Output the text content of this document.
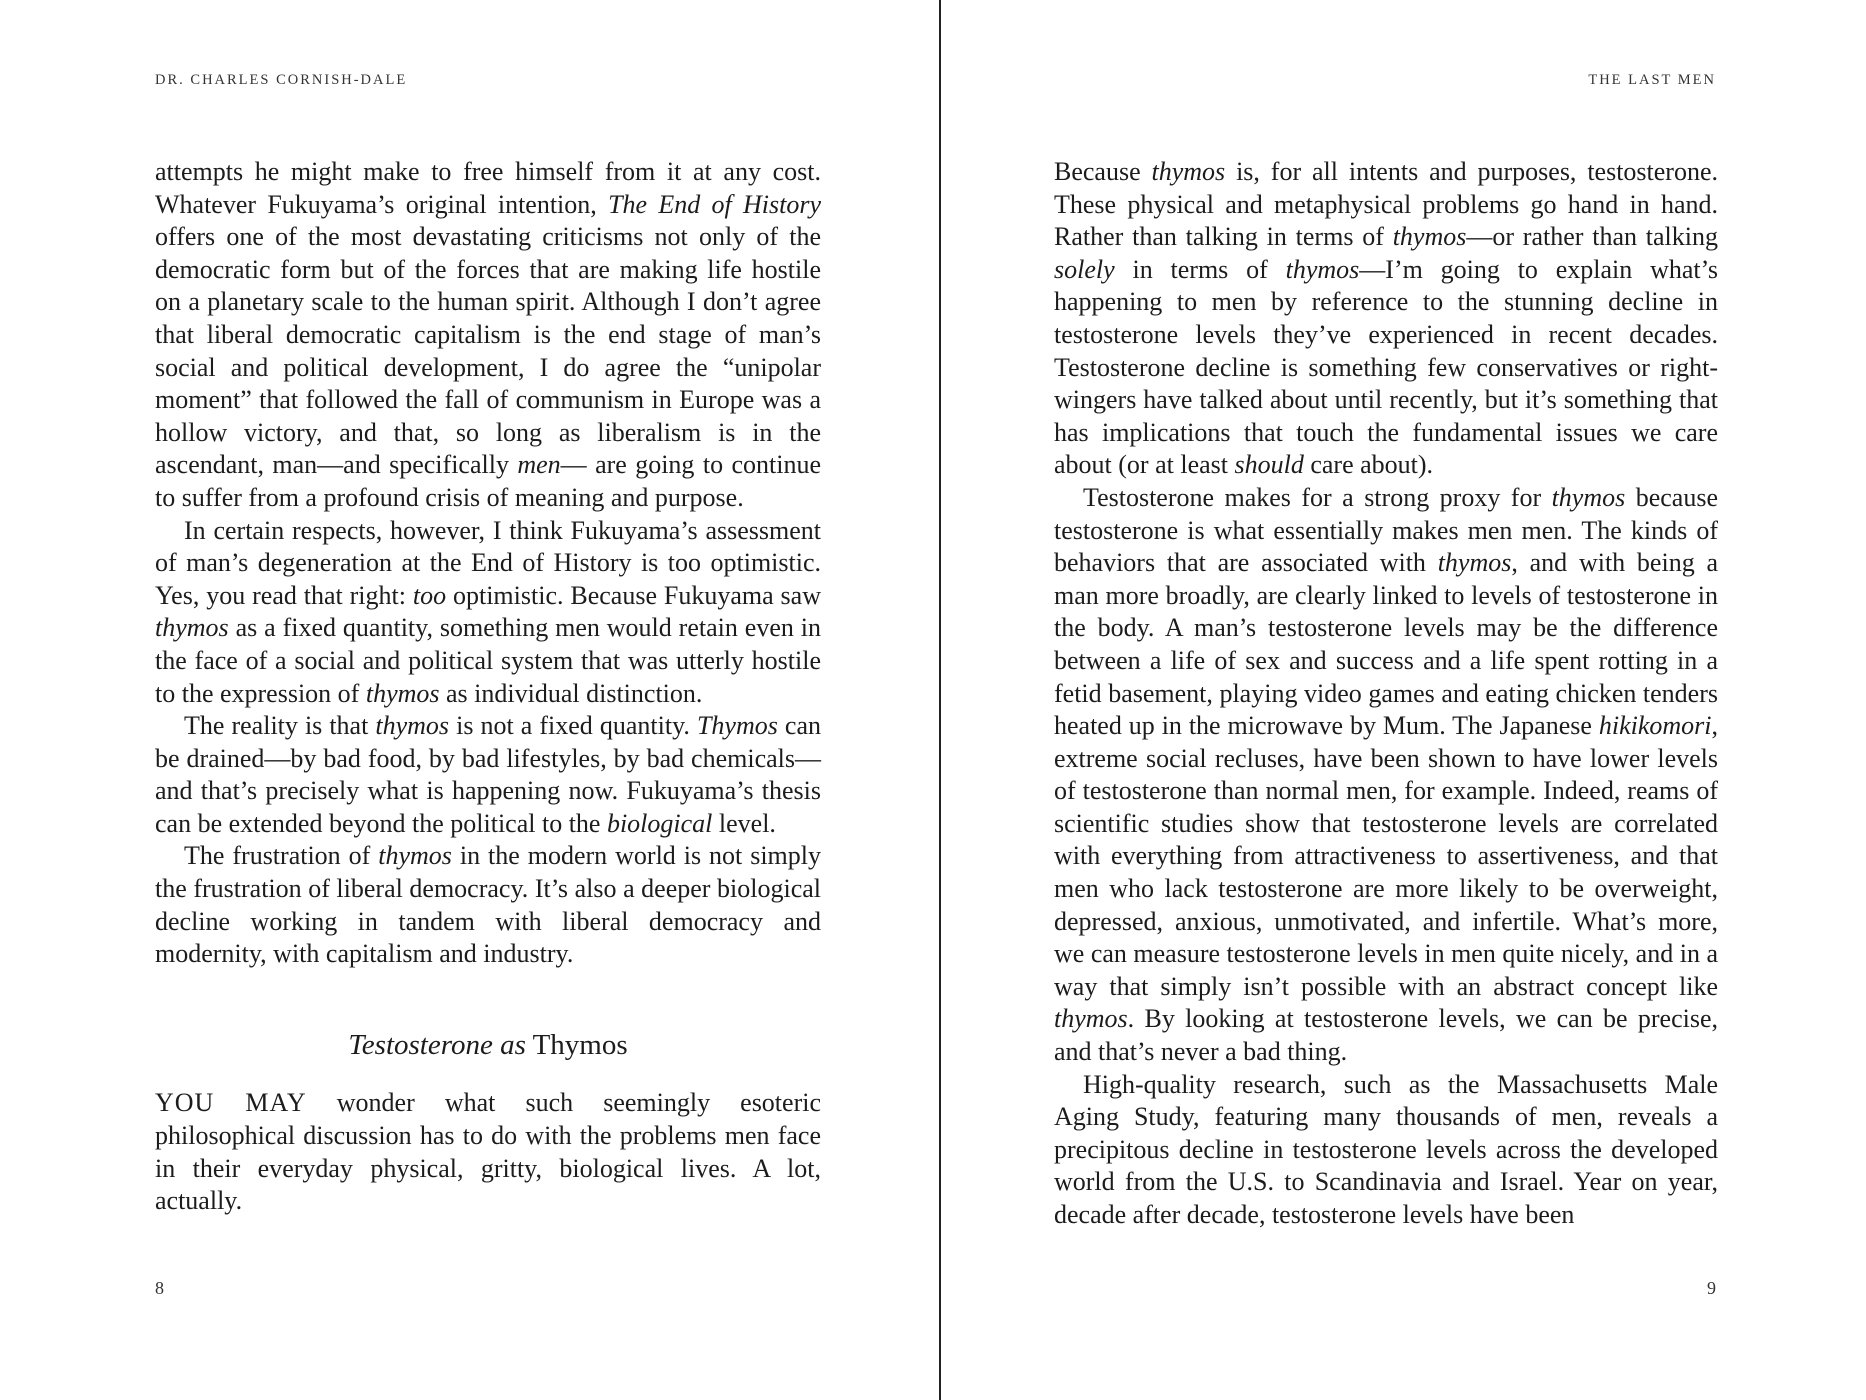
DR. CHARLES CORNISH-DALE

attempts he might make to free himself from it at any cost. Whatever Fukuyama’s original intention, The End of History offers one of the most devastating criticisms not only of the democratic form but of the forces that are making life hostile on a planetary scale to the human spirit. Although I don’t agree that liberal democratic capitalism is the end stage of man’s social and political development, I do agree the “unipolar moment” that followed the fall of communism in Europe was a hollow victory, and that, so long as liberalism is in the ascendant, man—and specifically men— are going to continue to suffer from a profound crisis of meaning and purpose.

In certain respects, however, I think Fukuyama’s assessment of man’s degeneration at the End of History is too optimistic. Yes, you read that right: too optimistic. Because Fukuyama saw thymos as a fixed quantity, something men would retain even in the face of a social and political system that was utterly hostile to the expression of thymos as individual distinction.

The reality is that thymos is not a fixed quantity. Thymos can be drained—by bad food, by bad lifestyles, by bad chemicals—and that’s precisely what is happening now. Fukuyama’s thesis can be extended beyond the political to the biological level.

The frustration of thymos in the modern world is not simply the frustration of liberal democracy. It’s also a deeper biological decline working in tandem with liberal democracy and modernity, with capitalism and industry.

Testosterone as Thymos

YOU MAY wonder what such seemingly esoteric philosophical discussion has to do with the problems men face in their everyday physical, gritty, biological lives. A lot, actually.

8
THE LAST MEN

Because thymos is, for all intents and purposes, testosterone. These physical and metaphysical problems go hand in hand. Rather than talking in terms of thymos—or rather than talking solely in terms of thymos—I’m going to explain what’s happening to men by reference to the stunning decline in testosterone levels they’ve experienced in recent decades. Testosterone decline is something few conservatives or right-wingers have talked about until recently, but it’s something that has implications that touch the fundamental issues we care about (or at least should care about).

Testosterone makes for a strong proxy for thymos because testosterone is what essentially makes men men. The kinds of behaviors that are associated with thymos, and with being a man more broadly, are clearly linked to levels of testosterone in the body. A man’s testosterone levels may be the difference between a life of sex and success and a life spent rotting in a fetid basement, playing video games and eating chicken tenders heated up in the microwave by Mum. The Japanese hikikomori, extreme social recluses, have been shown to have lower levels of testosterone than normal men, for example. Indeed, reams of scientific studies show that testosterone levels are correlated with everything from attractiveness to assertiveness, and that men who lack testosterone are more likely to be overweight, depressed, anxious, unmotivated, and infertile. What’s more, we can measure testosterone levels in men quite nicely, and in a way that simply isn’t possible with an abstract concept like thymos. By looking at testosterone levels, we can be precise, and that’s never a bad thing.

High-quality research, such as the Massachusetts Male Aging Study, featuring many thousands of men, reveals a precipitous decline in testosterone levels across the developed world from the U.S. to Scandinavia and Israel. Year on year, decade after decade, testosterone levels have been

9
